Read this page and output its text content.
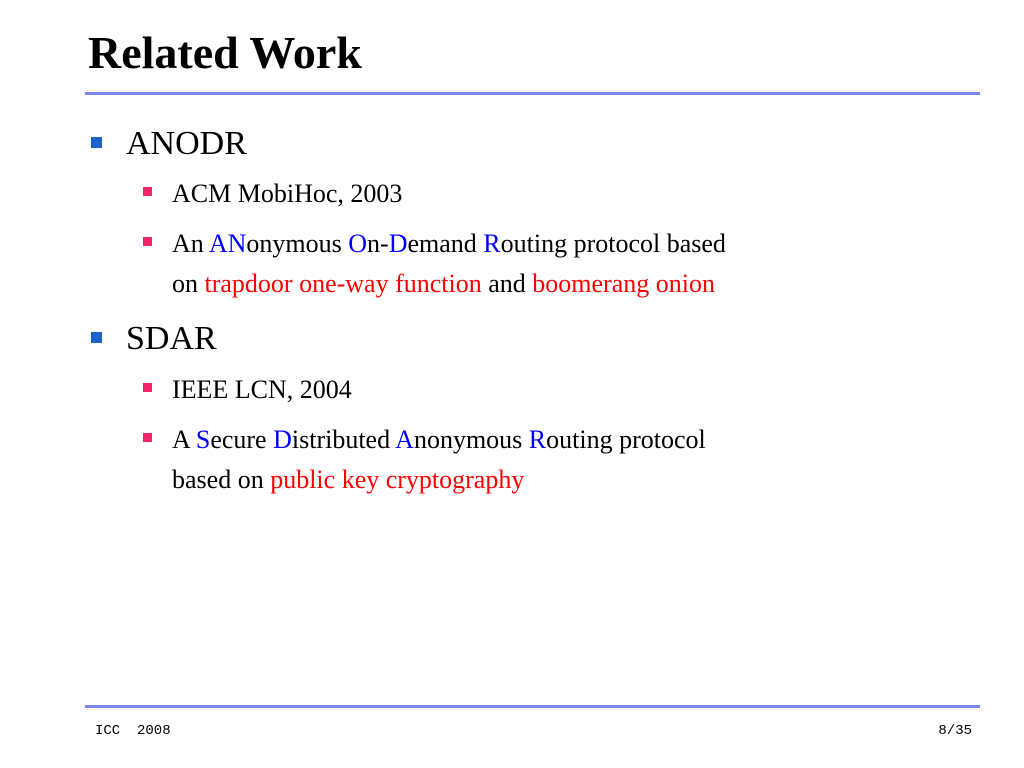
Related Work
ANODR
ACM MobiHoc, 2003
An ANonymous On-Demand Routing protocol based
on trapdoor one-way function and boomerang onion
SDAR
IEEE LCN, 2004
A Secure Distributed Anonymous Routing protocol
based on public key cryptography
ICC  2008	8/35
